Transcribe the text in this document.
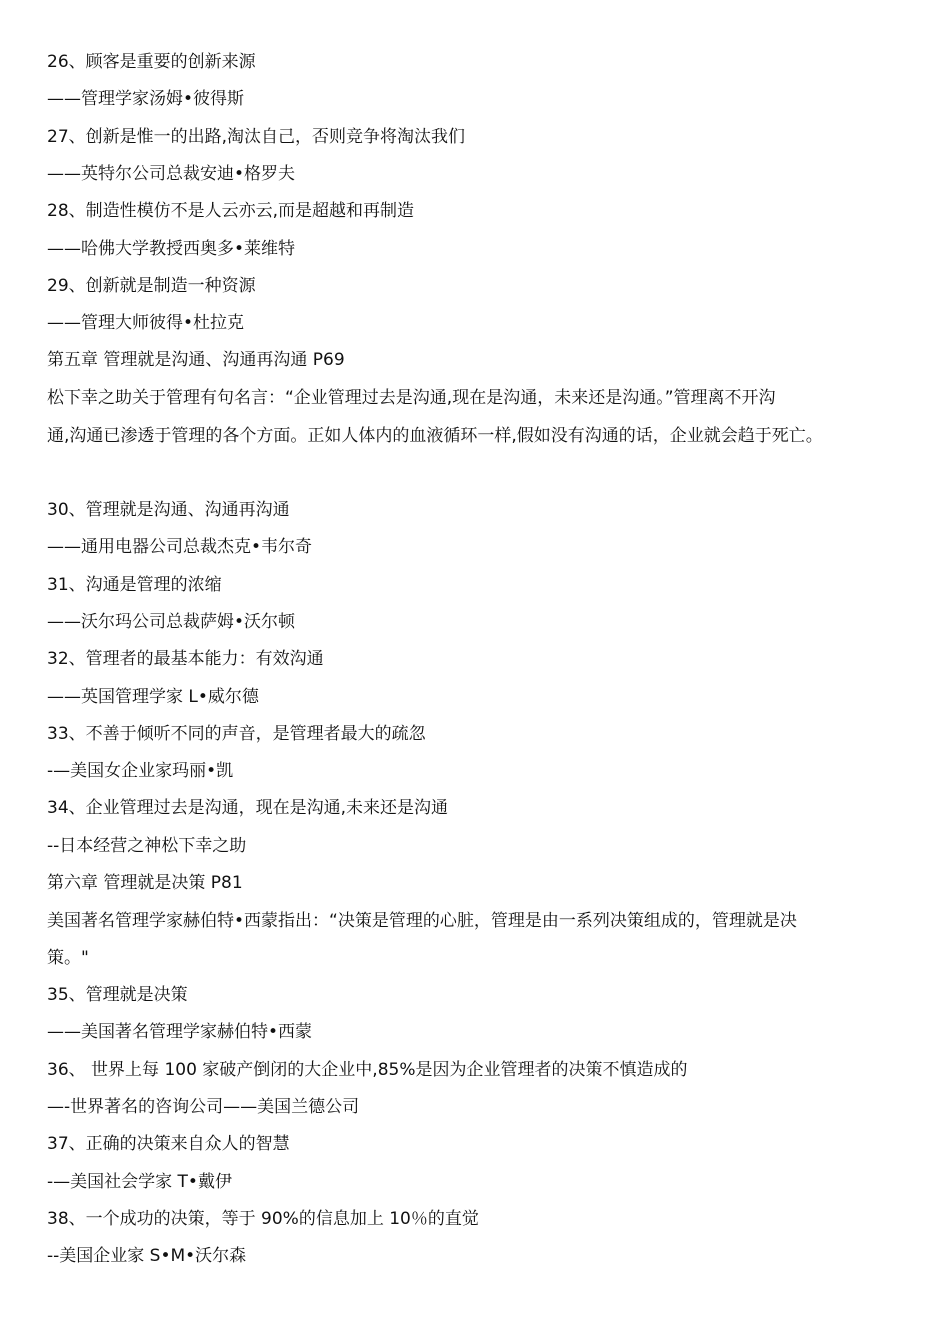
26、顾客是重要的创新来源
——管理学家汤姆•彼得斯
27、创新是惟一的出路,淘汰自己，否则竞争将淘汰我们
——英特尔公司总裁安迪•格罗夫
28、制造性模仿不是人云亦云,而是超越和再制造
——哈佛大学教授西奥多•莱维特
29、创新就是制造一种资源
——管理大师彼得•杜拉克
第五章 管理就是沟通、沟通再沟通 P69
松下幸之助关于管理有句名言：“企业管理过去是沟通,现在是沟通，未来还是沟通。”管理离不开沟
通,沟通已渗透于管理的各个方面。正如人体内的血液循环一样,假如没有沟通的话，企业就会趋于死亡。
30、管理就是沟通、沟通再沟通
——通用电器公司总裁杰克•韦尔奇
31、沟通是管理的浓缩
——沃尔玛公司总裁萨姆•沃尔顿
32、管理者的最基本能力：有效沟通
——英国管理学家 L•威尔德
33、不善于倾听不同的声音，是管理者最大的疏忽
-—美国女企业家玛丽•凯
34、企业管理过去是沟通，现在是沟通,未来还是沟通
--日本经营之神松下幸之助
第六章 管理就是决策 P81
美国著名管理学家赫伯特•西蒙指出：“决策是管理的心脏，管理是由一系列决策组成的，管理就是决
策。"
35、管理就是决策
——美国著名管理学家赫伯特•西蒙
36、 世界上每 100 家破产倒闭的大企业中,85%是因为企业管理者的决策不慎造成的
—-世界著名的咨询公司——美国兰德公司
37、正确的决策来自众人的智慧
-—美国社会学家 T•戴伊
38、一个成功的决策，等于 90%的信息加上 10％的直觉
--美国企业家 S•M•沃尔森
